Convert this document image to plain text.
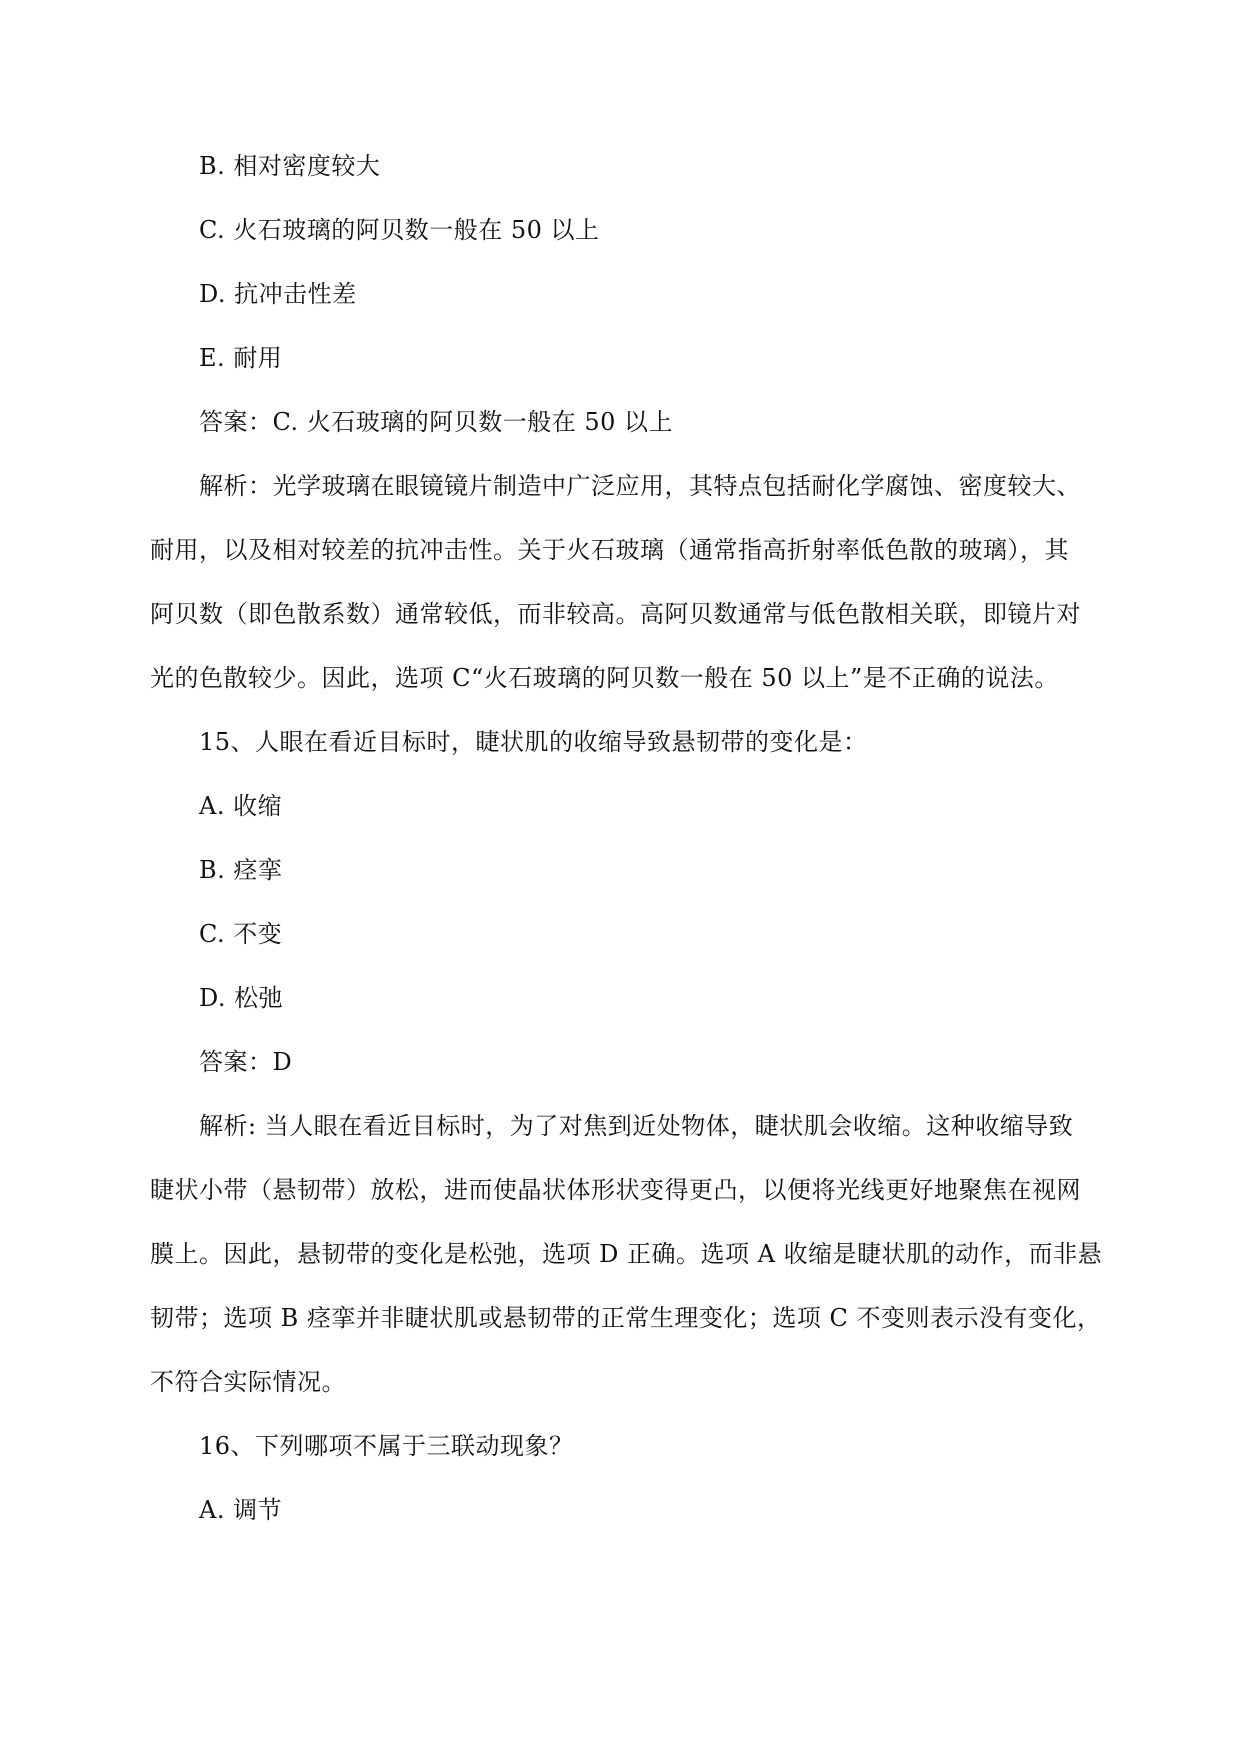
B. 相对密度较大
C. 火石玻璃的阿贝数一般在 50 以上
D. 抗冲击性差
E. 耐用
答案：C. 火石玻璃的阿贝数一般在 50 以上
解析：光学玻璃在眼镜镜片制造中广泛应用，其特点包括耐化学腐蚀、密度较大、
耐用，以及相对较差的抗冲击性。关于火石玻璃（通常指高折射率低色散的玻璃），其
阿贝数（即色散系数）通常较低，而非较高。高阿贝数通常与低色散相关联，即镜片对
光的色散较少。因此，选项 C“火石玻璃的阿贝数一般在 50 以上”是不正确的说法。
15、人眼在看近目标时，睫状肌的收缩导致悬韧带的变化是：
A. 收缩
B. 痉挛
C. 不变
D. 松弛
答案：D
解析: 当人眼在看近目标时，为了对焦到近处物体，睫状肌会收缩。这种收缩导致
睫状小带（悬韧带）放松，进而使晶状体形状变得更凸，以便将光线更好地聚焦在视网
膜上。因此，悬韧带的变化是松弛，选项 D 正确。选项 A 收缩是睫状肌的动作，而非悬
韧带；选项 B 痉挛并非睫状肌或悬韧带的正常生理变化；选项 C 不变则表示没有变化，
不符合实际情况。
16、下列哪项不属于三联动现象？
A. 调节
